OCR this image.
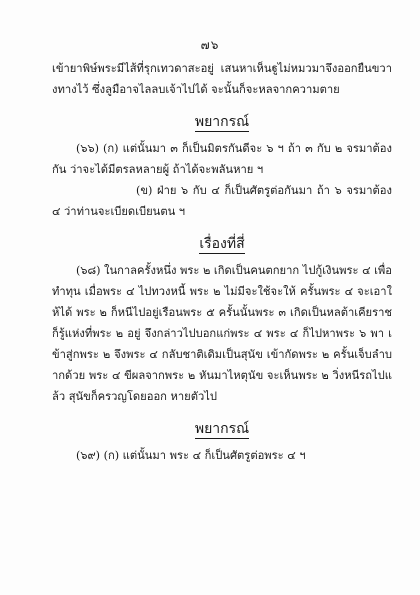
๗๖

เข้ายาพิษ์พระมีไส้ที่รุกเทวดาสะอยู่ เสนหาเห็นฐูไม่หมวมาจึงออกยืนขวางทางไว้ ซึ่งลูมือาจไลลบเจ้าไปได้ จะนั้นก็จะหลจากความตาย

พยากรณ์

(๖๖) (ก) แต่นั้นมา ๓ ก็เป็นมิตรกันดีจะ ๖ ฯ ถ้า ๓ กับ ๒ จรมาต้องกัน ว่าจะได้มีตรลหลายผู้ ถ้าได้จะพลันหาย ฯ

(ข) ฝ่าย ๖ กับ ๔ ก็เป็นศัตรูต่อกันมา ถ้า ๖ จรมาต้อง ๔ ว่าท่านจะเบียดเบียนตน ฯ

เรื่องที่สี่

(๖๘) ในกาลครั้งหนึ่ง พระ ๒ เกิดเป็นคนตกยาก ไปกู้เงินพระ ๔ เพื่อทำทุน เมื่อพระ ๔ ไปทวงหนี้ พระ ๒ ไม่มีจะใช้จะให้ ครั้นพระ ๔ จะเอาให้ได้ พระ ๒ ก็หนีไปอยู่เรือนพระ ๕ ครั้นนั้นพระ ๓ เกิดเป็นหลต้าเคียราช ก็รู้แห่งที่พระ ๒ อยู่ จึงกล่าวไปบอกแก่พระ ๔ พระ ๔ ก็ไปหาพระ ๖ พา เข้าสู่กพระ ๒ จึงพระ ๔ กลับชาติเดิมเป็นสุนัข เข้ากัดพระ ๒ ครั้นเจ็บลำบากด้วย พระ ๔ ขีผลจากพระ ๒ หันมาไหตุนัข จะเห็นพระ ๒ วิ่งหนีรถไปแล้ว สุนัขก็ครวญโดยออก หายตัวไป

พยากรณ์

(๖๙) (ก) แต่นั้นมา พระ ๔ ก็เป็นศัตรูต่อพระ ๔ ฯ
